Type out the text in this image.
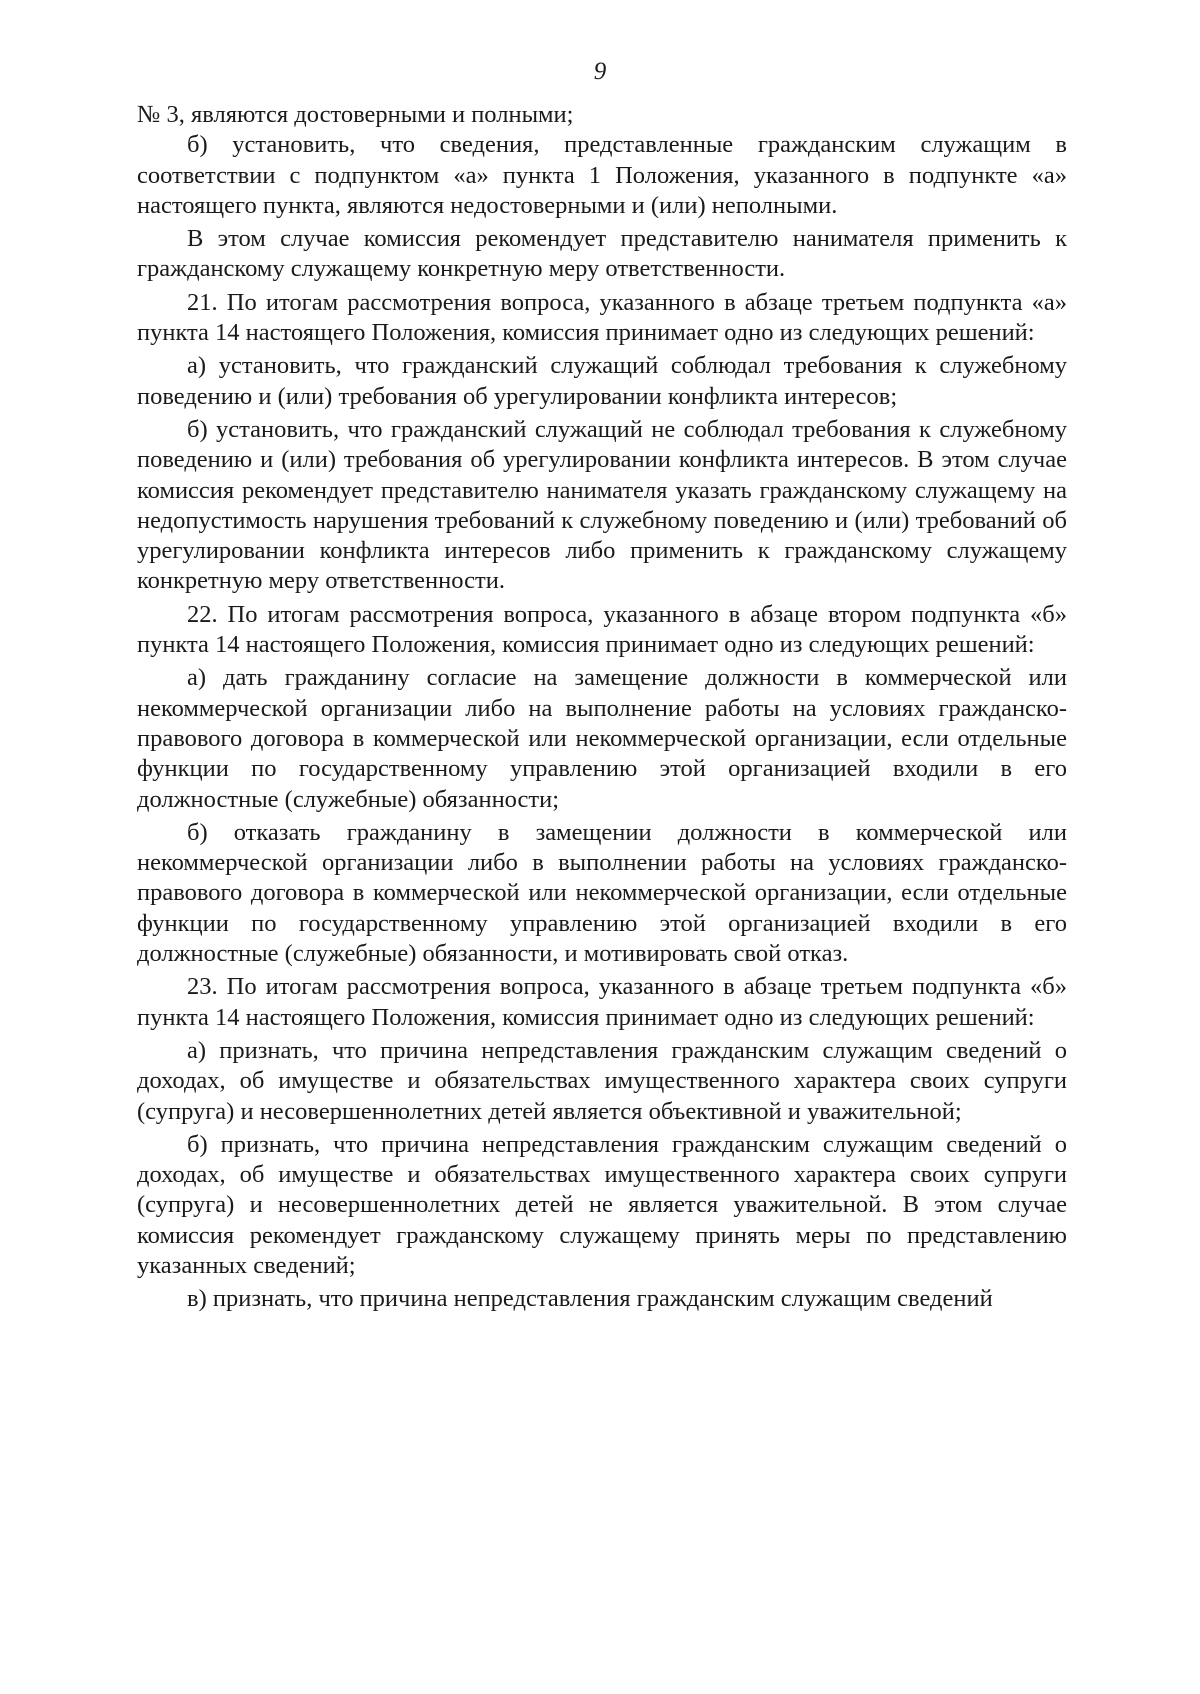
9

№ 3, являются достоверными и полными;

б) установить, что сведения, представленные гражданским служащим в соответствии с подпунктом «а» пункта 1 Положения, указанного в подпункте «а» настоящего пункта, являются недостоверными и (или) неполными.

В этом случае комиссия рекомендует представителю нанимателя применить к гражданскому служащему конкретную меру ответственности.

21. По итогам рассмотрения вопроса, указанного в абзаце третьем подпункта «а» пункта 14 настоящего Положения, комиссия принимает одно из следующих решений:

а) установить, что гражданский служащий соблюдал требования к служебному поведению и (или) требования об урегулировании конфликта интересов;

б) установить, что гражданский служащий не соблюдал требования к служебному поведению и (или) требования об урегулировании конфликта интересов. В этом случае комиссия рекомендует представителю нанимателя указать гражданскому служащему на недопустимость нарушения требований к служебному поведению и (или) требований об урегулировании конфликта интересов либо применить к гражданскому служащему конкретную меру ответственности.

22. По итогам рассмотрения вопроса, указанного в абзаце втором подпункта «б» пункта 14 настоящего Положения, комиссия принимает одно из следующих решений:

а) дать гражданину согласие на замещение должности в коммерческой или некоммерческой организации либо на выполнение работы на условиях гражданско-правового договора в коммерческой или некоммерческой организации, если отдельные функции по государственному управлению этой организацией входили в его должностные (служебные) обязанности;

б) отказать гражданину в замещении должности в коммерческой или некоммерческой организации либо в выполнении работы на условиях гражданско-правового договора в коммерческой или некоммерческой организации, если отдельные функции по государственному управлению этой организацией входили в его должностные (служебные) обязанности, и мотивировать свой отказ.

23. По итогам рассмотрения вопроса, указанного в абзаце третьем подпункта «б» пункта 14 настоящего Положения, комиссия принимает одно из следующих решений:

а) признать, что причина непредставления гражданским служащим сведений о доходах, об имуществе и обязательствах имущественного характера своих супруги (супруга) и несовершеннолетних детей является объективной и уважительной;

б) признать, что причина непредставления гражданским служащим сведений о доходах, об имуществе и обязательствах имущественного характера своих супруги (супруга) и несовершеннолетних детей не является уважительной. В этом случае комиссия рекомендует гражданскому служащему принять меры по представлению указанных сведений;

в) признать, что причина непредставления гражданским служащим сведений
